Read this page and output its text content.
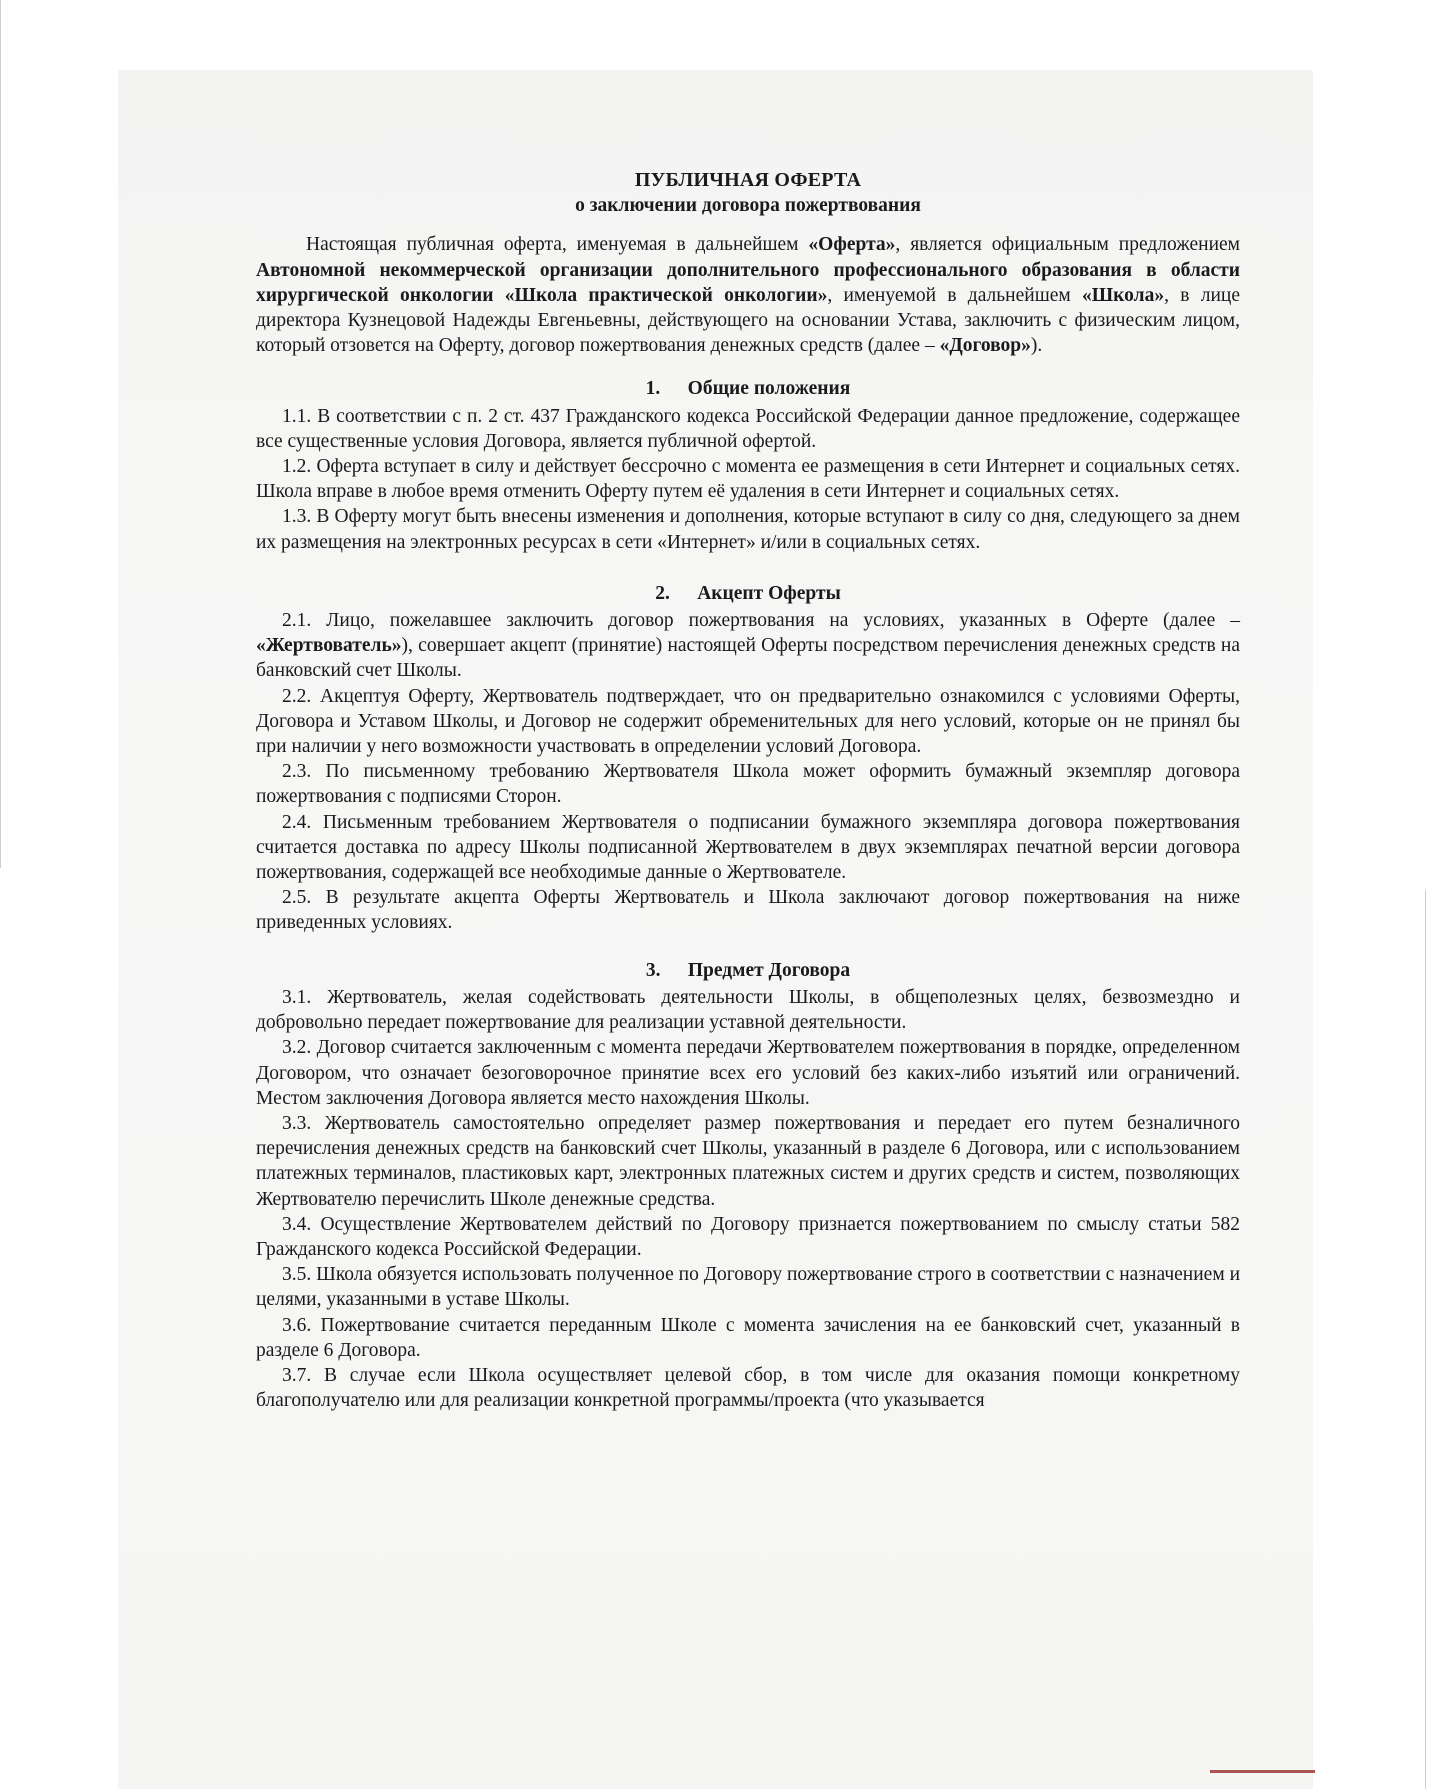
ПУБЛИЧНАЯ ОФЕРТА
о заключении договора пожертвования

Настоящая публичная оферта, именуемая в дальнейшем «Оферта», является официальным предложением Автономной некоммерческой организации дополнительного профессионального образования в области хирургической онкологии «Школа практической онкологии», именуемой в дальнейшем «Школа», в лице директора Кузнецовой Надежды Евгеньевны, действующего на основании Устава, заключить с физическим лицом, который отзовется на Оферту, договор пожертвования денежных средств (далее – «Договор»).

1. Общие положения

1.1. В соответствии с п. 2 ст. 437 Гражданского кодекса Российской Федерации данное предложение, содержащее все существенные условия Договора, является публичной офертой.

1.2. Оферта вступает в силу и действует бессрочно с момента ее размещения в сети Интернет и социальных сетях. Школа вправе в любое время отменить Оферту путем её удаления в сети Интернет и социальных сетях.

1.3. В Оферту могут быть внесены изменения и дополнения, которые вступают в силу со дня, следующего за днем их размещения на электронных ресурсах в сети «Интернет» и/или в социальных сетях.

2. Акцепт Оферты

2.1. Лицо, пожелавшее заключить договор пожертвования на условиях, указанных в Оферте (далее – «Жертвователь»), совершает акцепт (принятие) настоящей Оферты посредством перечисления денежных средств на банковский счет Школы.

2.2. Акцептуя Оферту, Жертвователь подтверждает, что он предварительно ознакомился с условиями Оферты, Договора и Уставом Школы, и Договор не содержит обременительных для него условий, которые он не принял бы при наличии у него возможности участвовать в определении условий Договора.

2.3. По письменному требованию Жертвователя Школа может оформить бумажный экземпляр договора пожертвования с подписями Сторон.

2.4. Письменным требованием Жертвователя о подписании бумажного экземпляра договора пожертвования считается доставка по адресу Школы подписанной Жертвователем в двух экземплярах печатной версии договора пожертвования, содержащей все необходимые данные о Жертвователе.

2.5. В результате акцепта Оферты Жертвователь и Школа заключают договор пожертвования на ниже приведенных условиях.

3. Предмет Договора

3.1. Жертвователь, желая содействовать деятельности Школы, в общеполезных целях, безвозмездно и добровольно передает пожертвование для реализации уставной деятельности.

3.2. Договор считается заключенным с момента передачи Жертвователем пожертвования в порядке, определенном Договором, что означает безоговорочное принятие всех его условий без каких-либо изъятий или ограничений. Местом заключения Договора является место нахождения Школы.

3.3. Жертвователь самостоятельно определяет размер пожертвования и передает его путем безналичного перечисления денежных средств на банковский счет Школы, указанный в разделе 6 Договора, или с использованием платежных терминалов, пластиковых карт, электронных платежных систем и других средств и систем, позволяющих Жертвователю перечислить Школе денежные средства.

3.4. Осуществление Жертвователем действий по Договору признается пожертвованием по смыслу статьи 582 Гражданского кодекса Российской Федерации.

3.5. Школа обязуется использовать полученное по Договору пожертвование строго в соответствии с назначением и целями, указанными в уставе Школы.

3.6. Пожертвование считается переданным Школе с момента зачисления на ее банковский счет, указанный в разделе 6 Договора.

3.7. В случае если Школа осуществляет целевой сбор, в том числе для оказания помощи конкретному благополучателю или для реализации конкретной программы/проекта (что указывается
